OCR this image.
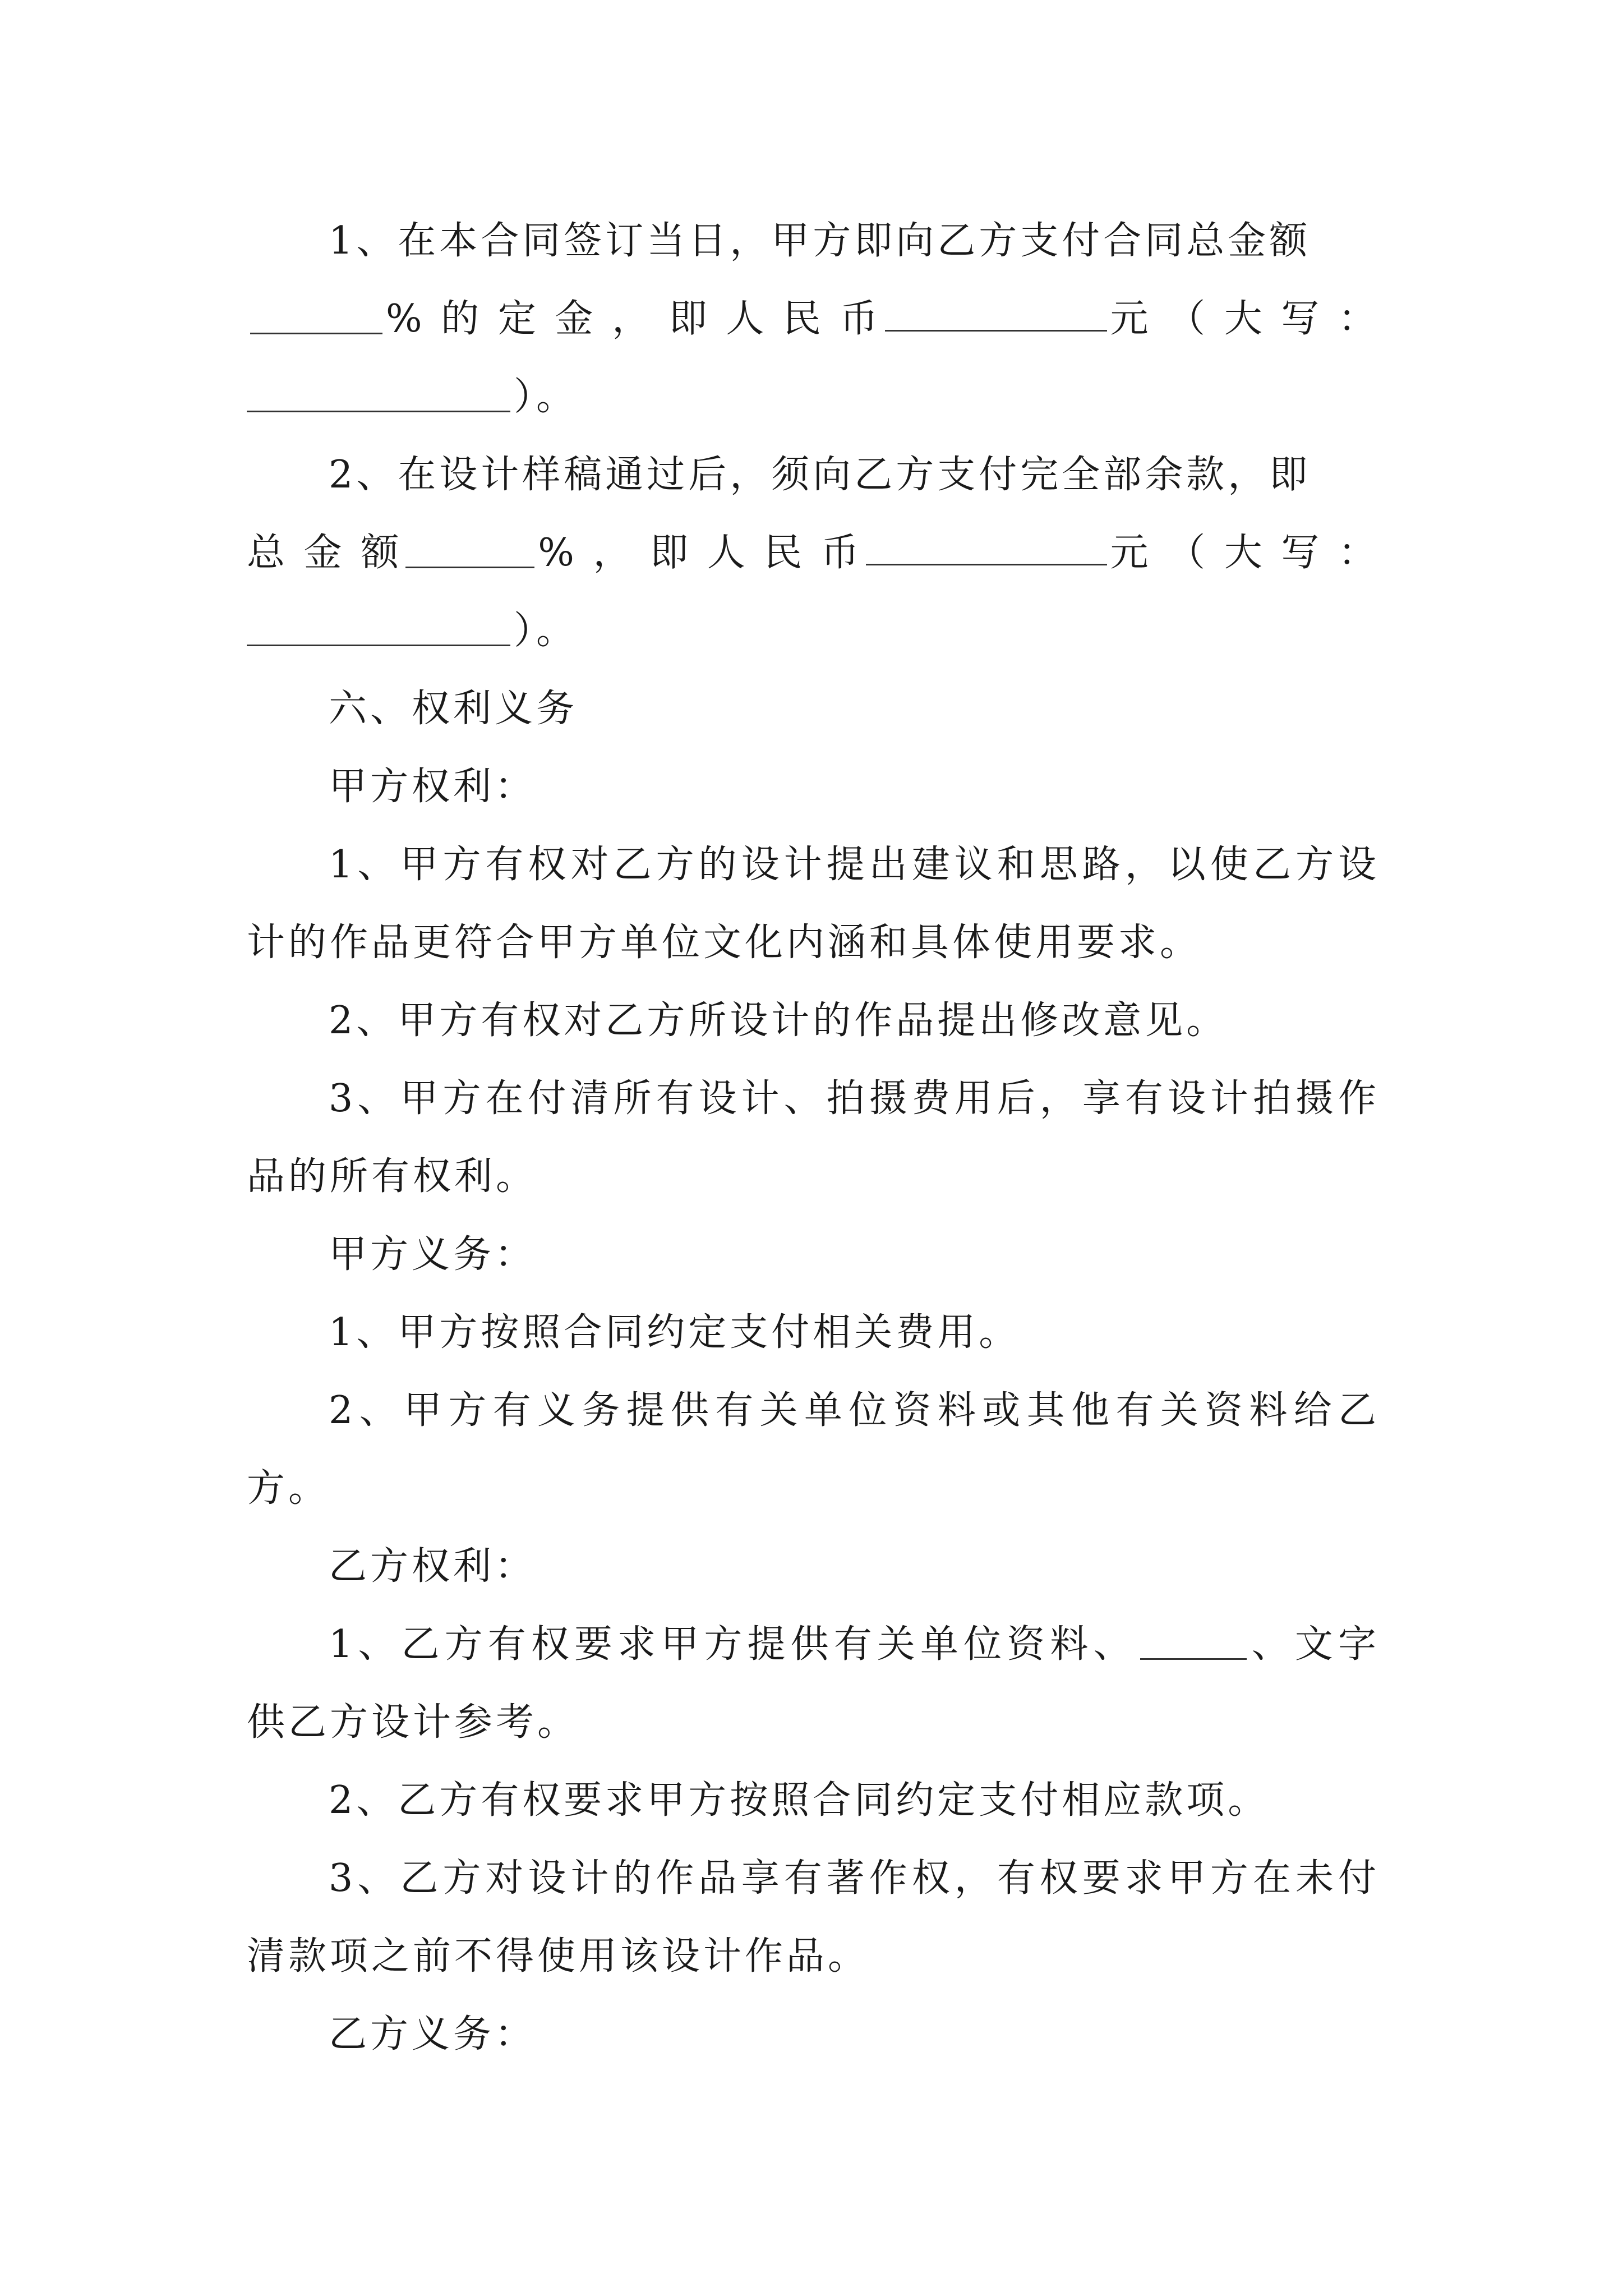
1、在本合同签订当日，甲方即向乙方支付合同总金额

% 的 定 金 ， 即 人 民 币	元 （ 大 写 ：

）。

2、在设计样稿通过后，须向乙方支付完全部余款，即

总 金 额	% ， 即 人 民 币	元 （ 大 写 ：

）。

六、权利义务

甲方权利：

1、甲方有权对乙方的设计提出建议和思路，以使乙方设计的作品更符合甲方单位文化内涵和具体使用要求。

2、甲方有权对乙方所设计的作品提出修改意见。

3、甲方在付清所有设计、拍摄费用后，享有设计拍摄作品的所有权利。

甲方义务：

1、甲方按照合同约定支付相关费用。

2、甲方有义务提供有关单位资料或其他有关资料给乙方。

乙方权利：

1、乙方有权要求甲方提供有关单位资料、	、文字供乙方设计参考。

2、乙方有权要求甲方按照合同约定支付相应款项。

3、乙方对设计的作品享有著作权，有权要求甲方在未付清款项之前不得使用该设计作品。

乙方义务：
